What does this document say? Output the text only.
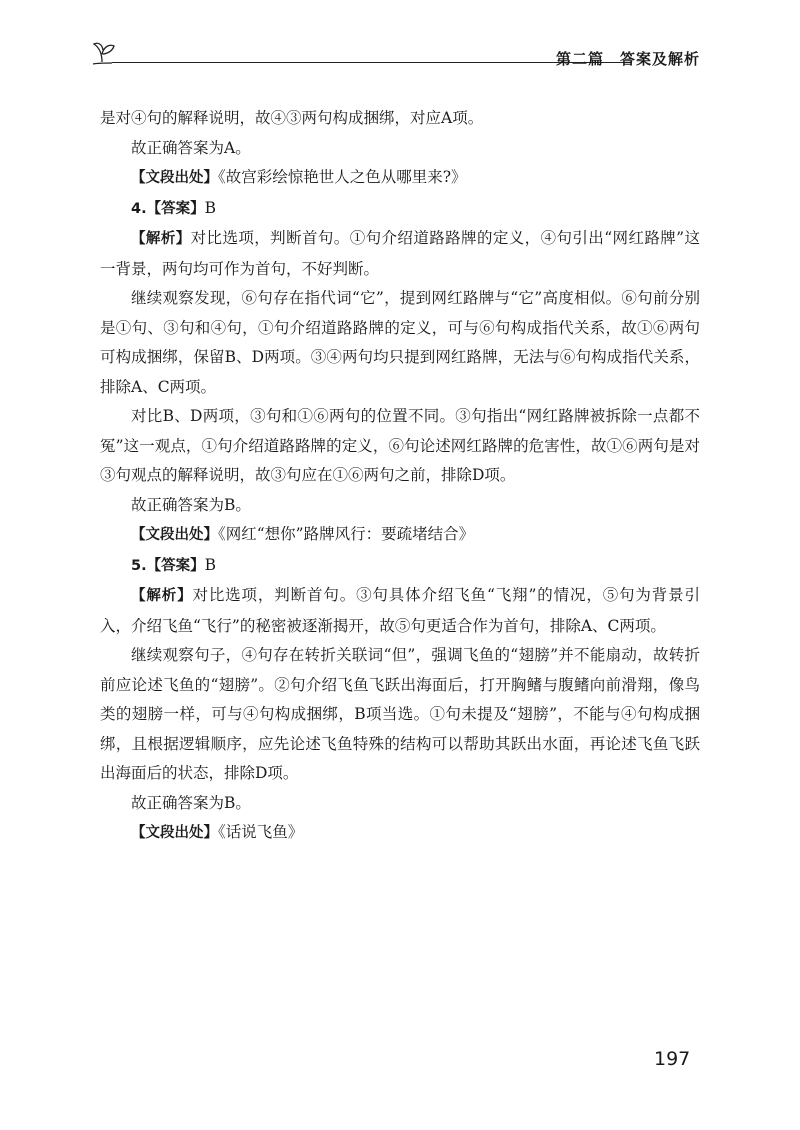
第二篇　答案及解析

是对④句的解释说明，故④③两句构成捆绑，对应A项。

故正确答案为A。

【文段出处】《故宫彩绘惊艳世人之色从哪里来?》

4.【答案】B

【解析】对比选项，判断首句。①句介绍道路路牌的定义，④句引出“网红路牌”这一背景，两句均可作为首句，不好判断。

继续观察发现，⑥句存在指代词“它”，提到网红路牌与“它”高度相似。⑥句前分别是①句、③句和④句，①句介绍道路路牌的定义，可与⑥句构成指代关系，故①⑥两句可构成捆绑，保留B、D两项。③④两句均只提到网红路牌，无法与⑥句构成指代关系，排除A、C两项。

对比B、D两项，③句和①⑥两句的位置不同。③句指出“网红路牌被拆除一点都不冤”这一观点，①句介绍道路路牌的定义，⑥句论述网红路牌的危害性，故①⑥两句是对③句观点的解释说明，故③句应在①⑥两句之前，排除D项。

故正确答案为B。

【文段出处】《网红“想你”路牌风行：要疏堵结合》

5.【答案】B

【解析】对比选项，判断首句。③句具体介绍飞鱼“飞翔”的情况，⑤句为背景引入，介绍飞鱼“飞行”的秘密被逐渐揭开，故⑤句更适合作为首句，排除A、C两项。

继续观察句子，④句存在转折关联词“但”，强调飞鱼的“翅膀”并不能扇动，故转折前应论述飞鱼的“翅膀”。②句介绍飞鱼飞跃出海面后，打开胸鳍与腹鳍向前滑翔，像鸟类的翅膀一样，可与④句构成捆绑，B项当选。①句未提及“翅膀”，不能与④句构成捆绑，且根据逻辑顺序，应先论述飞鱼特殊的结构可以帮助其跃出水面，再论述飞鱼飞跃出海面后的状态，排除D项。

故正确答案为B。

【文段出处】《话说飞鱼》

197
